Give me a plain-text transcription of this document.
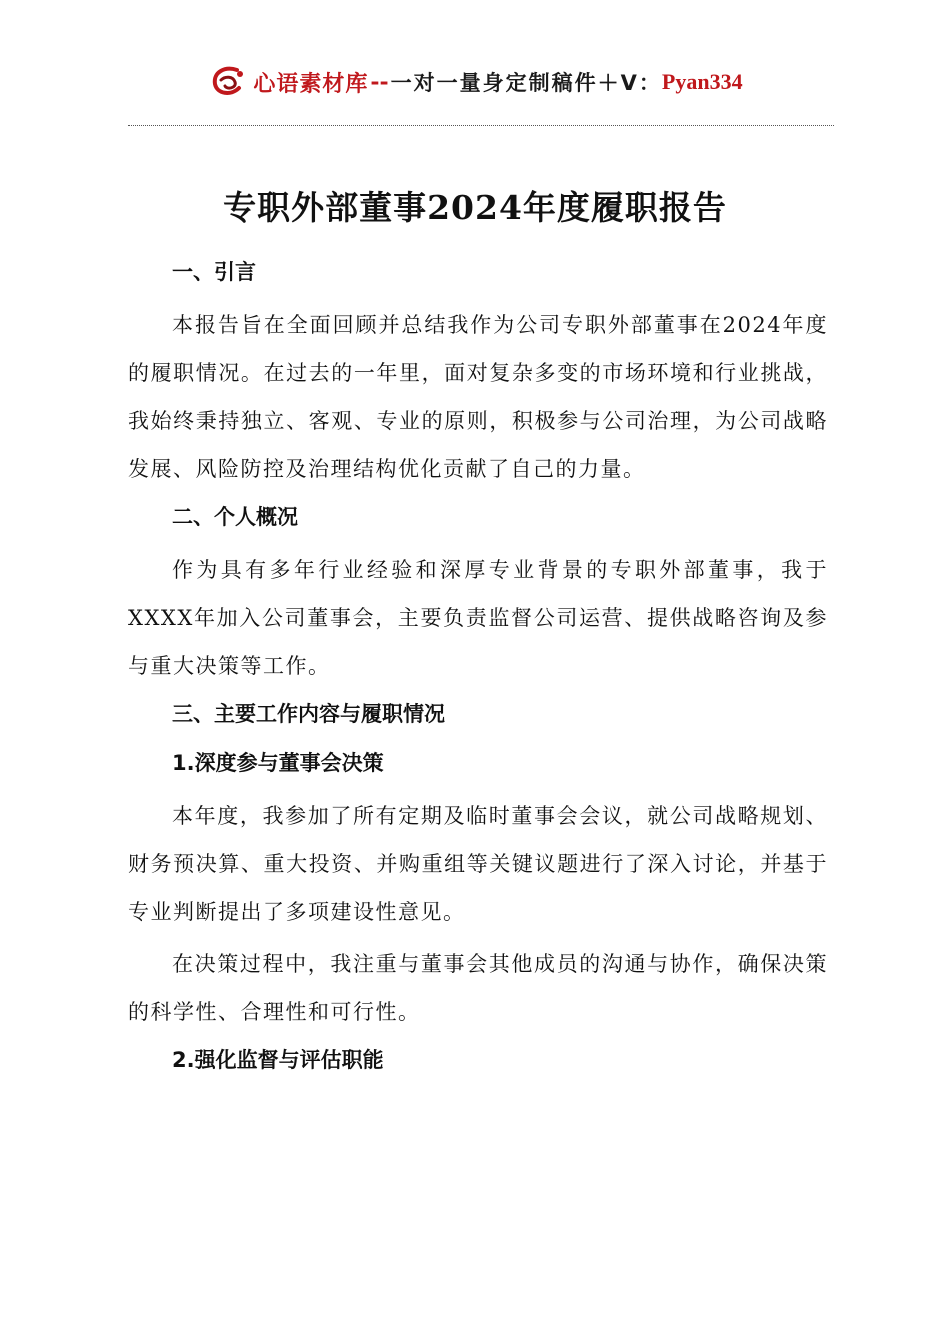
心语素材库 -- 一对一量身定制稿件＋V： Pyan334
专职外部董事2024年度履职报告
一、引言

本报告旨在全面回顾并总结我作为公司专职外部董事在2024年度的履职情况。在过去的一年里，面对复杂多变的市场环境和行业挑战，我始终秉持独立、客观、专业的原则，积极参与公司治理，为公司战略发展、风险防控及治理结构优化贡献了自己的力量。

二、个人概况

作为具有多年行业经验和深厚专业背景的专职外部董事，我于XXXX年加入公司董事会，主要负责监督公司运营、提供战略咨询及参与重大决策等工作。

三、主要工作内容与履职情况
1.深度参与董事会决策

本年度，我参加了所有定期及临时董事会会议，就公司战略规划、财务预决算、重大投资、并购重组等关键议题进行了深入讨论，并基于专业判断提出了多项建设性意见。

在决策过程中，我注重与董事会其他成员的沟通与协作，确保决策的科学性、合理性和可行性。

2.强化监督与评估职能
